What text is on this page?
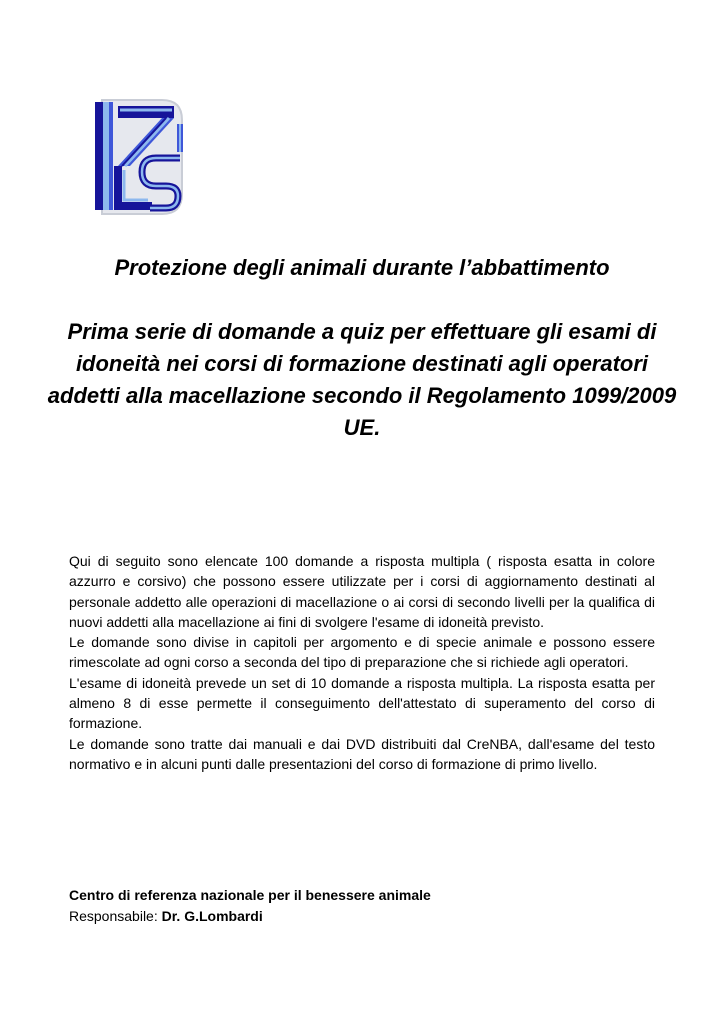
Protezione degli animali durante l’abbattimento
Prima serie di domande a quiz per effettuare gli esami di idoneità nei corsi di formazione destinati agli operatori addetti alla macellazione secondo il Regolamento 1099/2009 UE.

Qui di seguito sono elencate 100 domande a risposta multipla ( risposta esatta in colore azzurro e corsivo) che possono essere utilizzate per i corsi di aggiornamento destinati al personale addetto alle operazioni di macellazione o ai corsi di secondo livelli per la qualifica di nuovi addetti alla macellazione ai fini di svolgere l'esame di idoneità previsto.

Le domande sono divise in capitoli per argomento e di specie animale e possono essere rimescolate ad ogni corso a seconda del tipo di preparazione che si richiede agli operatori.

L'esame di idoneità prevede un set di 10 domande a risposta multipla. La risposta esatta per almeno 8 di esse permette il conseguimento dell'attestato di superamento del corso di formazione.

Le domande sono tratte dai manuali e dai DVD distribuiti dal CreNBA, dall'esame del testo normativo e in alcuni punti dalle presentazioni del corso di formazione di primo livello.

Centro di referenza nazionale per il benessere animale
Responsabile: Dr. G.Lombardi
